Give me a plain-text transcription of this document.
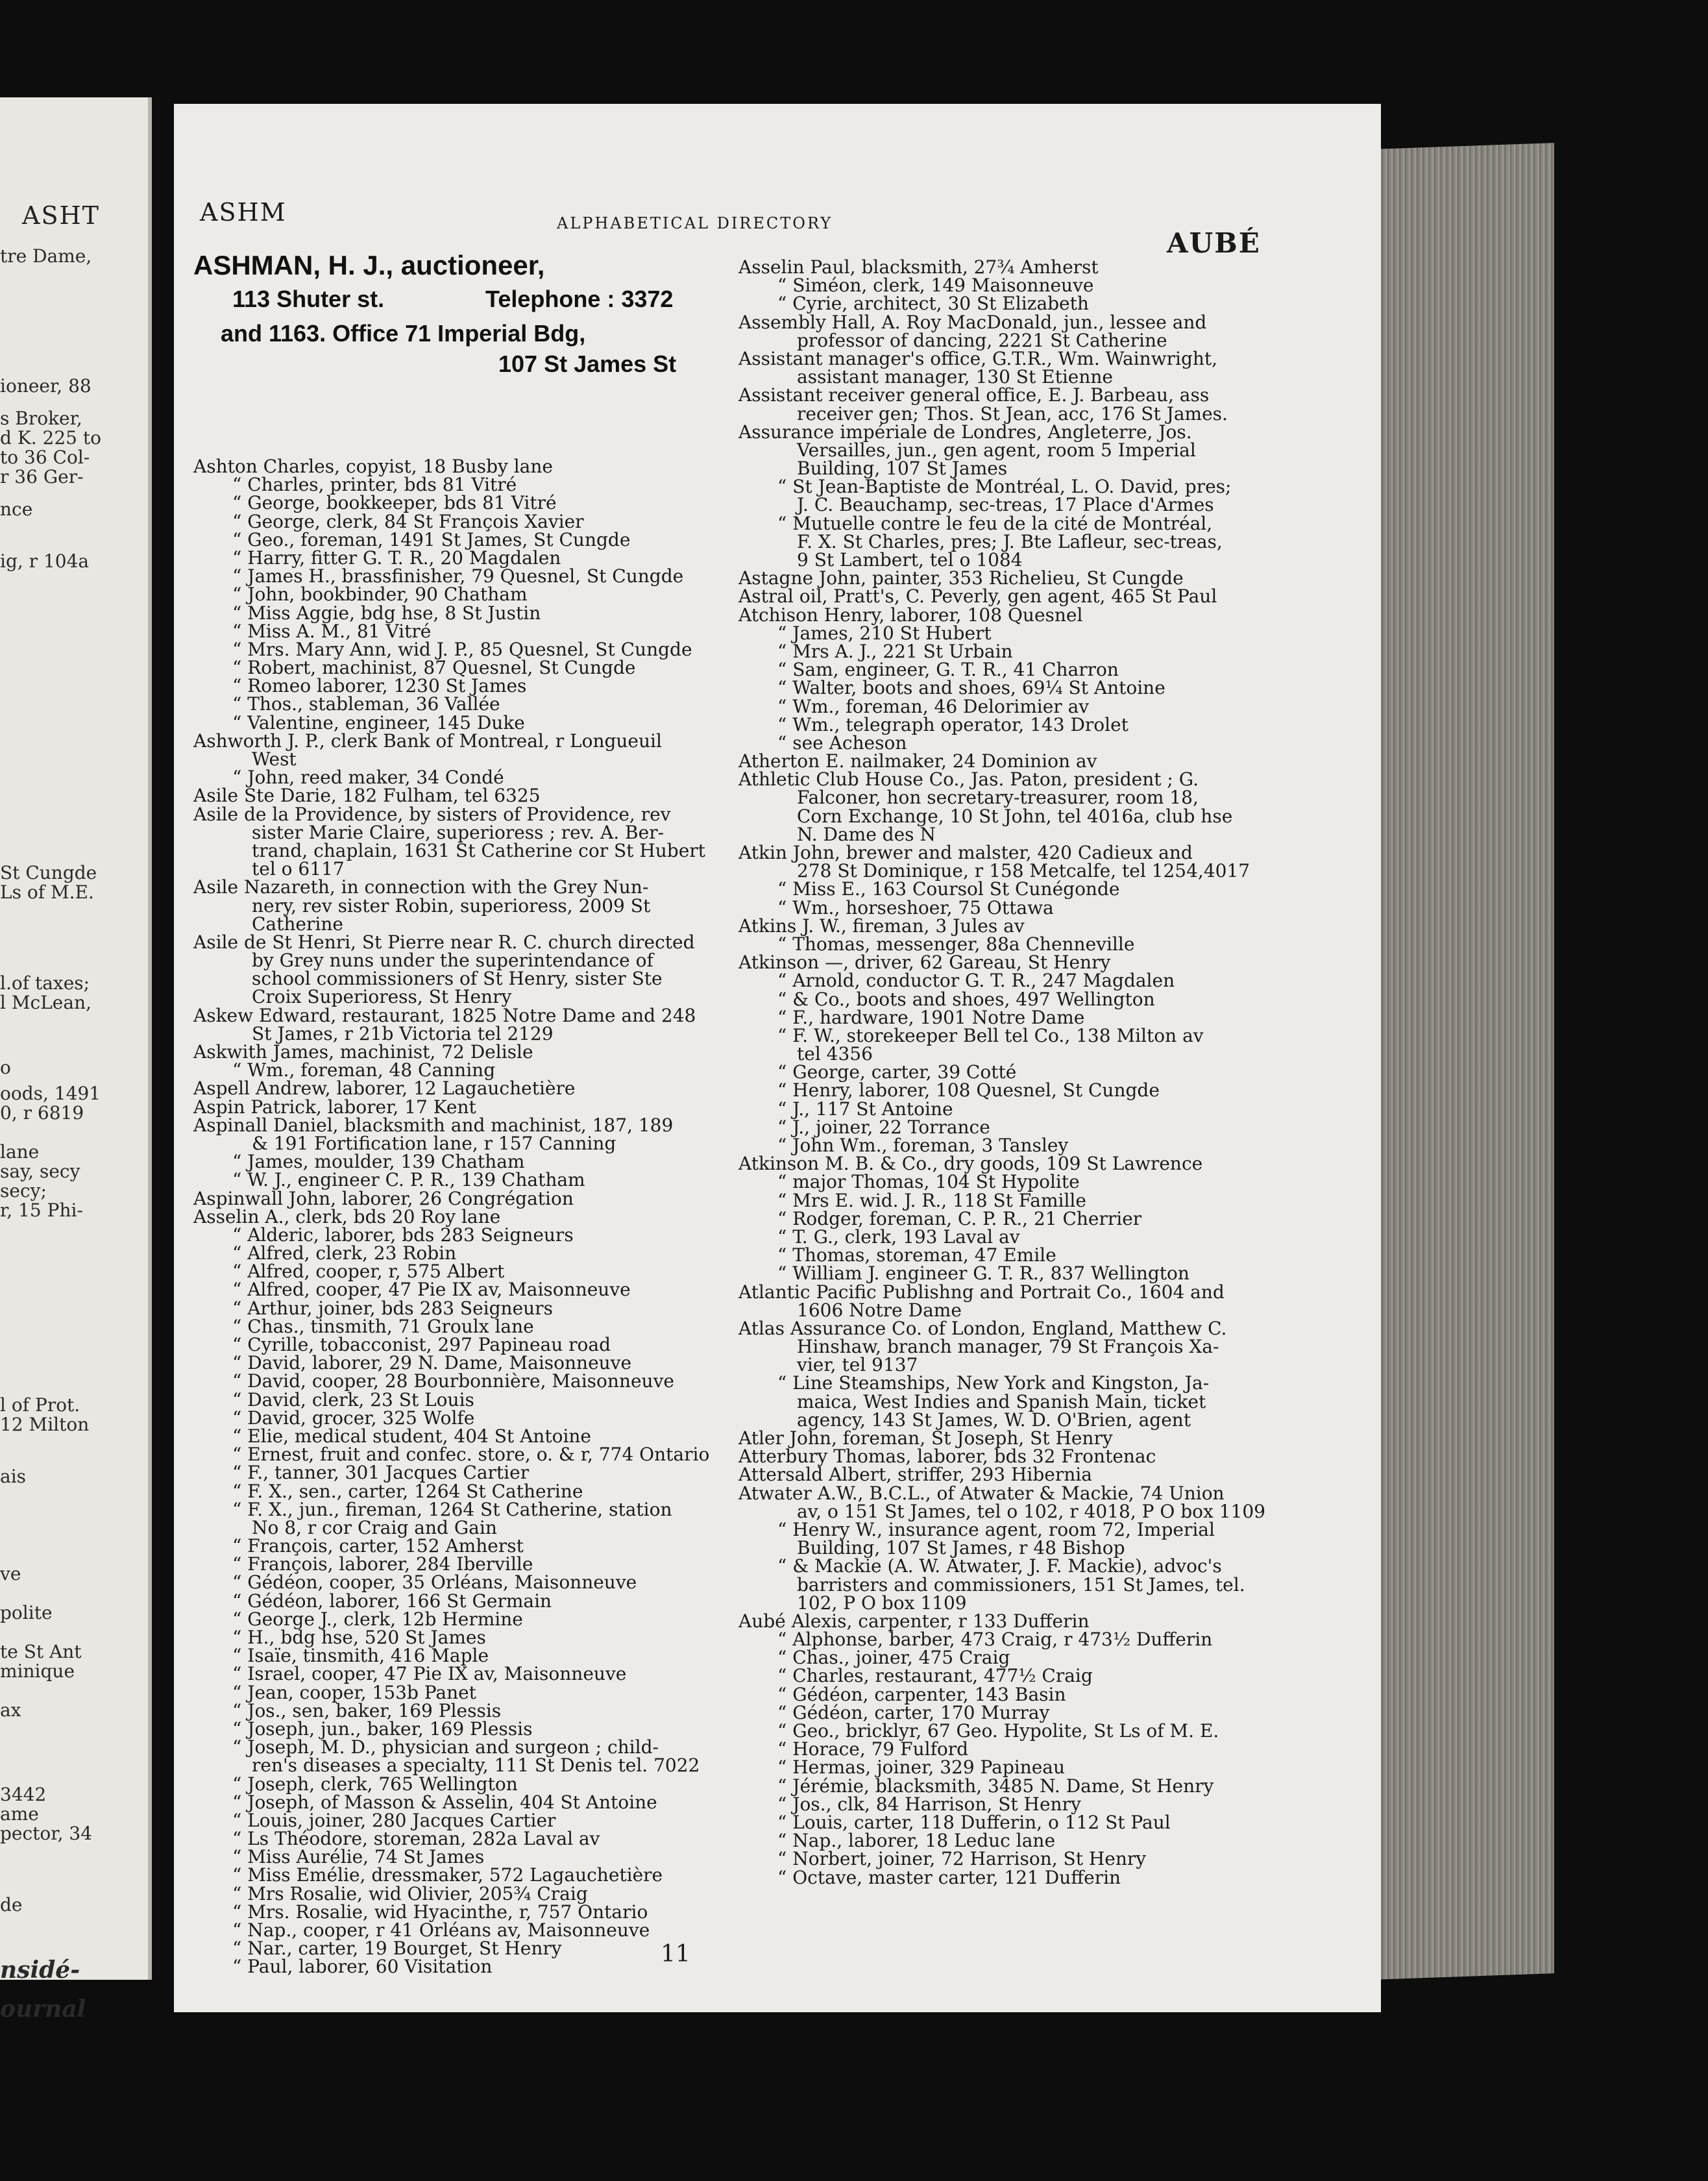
ASHT
tre Dame,
ioneer, 88
s Broker,
d K. 225 to
to 36 Col-
r 36 Ger-
nce
ig, r 104a
St Cungde
Ls of M.E.
l.of taxes;
l McLean,
o
oods, 1491
0, r 6819
lane
say, secy
secy;
r, 15 Phi-
l of Prot.
12 Milton
ais
ve
polite
te St Ant
minique
ax
3442
ame
pector, 34
de
nsidé-
ournal
ASHM	ALPHABETICAL DIRECTORY
AUBÉ
ASHMAN, H. J., auctioneer,
113 Shuter st.	Telephone : 3372
and 1163. Office 71 Imperial Bdg,
107 St James St
Ashton Charles, copyist, 18 Busby lane
“ Charles, printer, bds 81 Vitré
“ George, bookkeeper, bds 81 Vitré
“ George, clerk, 84 St François Xavier
“ Geo., foreman, 1491 St James, St Cungde
“ Harry, fitter G. T. R., 20 Magdalen
“ James H., brassfinisher, 79 Quesnel, St Cungde
“ John, bookbinder, 90 Chatham
“ Miss Aggie, bdg hse, 8 St Justin
“ Miss A. M., 81 Vitré
“ Mrs. Mary Ann, wid J. P., 85 Quesnel, St Cungde
“ Robert, machinist, 87 Quesnel, St Cungde
“ Romeo laborer, 1230 St James
“ Thos., stableman, 36 Vallée
“ Valentine, engineer, 145 Duke
Ashworth J. P., clerk Bank of Montreal, r Longueuil
West
“ John, reed maker, 34 Condé
Asile Ste Darie, 182 Fulham, tel 6325
Asile de la Providence, by sisters of Providence, rev
sister Marie Claire, superioress ; rev. A. Ber-
trand, chaplain, 1631 St Catherine cor St Hubert
tel o 6117
Asile Nazareth, in connection with the Grey Nun-
nery, rev sister Robin, superioress, 2009 St
Catherine
Asile de St Henri, St Pierre near R. C. church directed
by Grey nuns under the superintendance of
school commissioners of St Henry, sister Ste
Croix Superioress, St Henry
Askew Edward, restaurant, 1825 Notre Dame and 248
St James, r 21b Victoria tel 2129
Askwith James, machinist, 72 Delisle
“ Wm., foreman, 48 Canning
Aspell Andrew, laborer, 12 Lagauchetière
Aspin Patrick, laborer, 17 Kent
Aspinall Daniel, blacksmith and machinist, 187, 189
& 191 Fortification lane, r 157 Canning
“ James, moulder, 139 Chatham
“ W. J., engineer C. P. R., 139 Chatham
Aspinwall John, laborer, 26 Congrégation
Asselin A., clerk, bds 20 Roy lane
“ Alderic, laborer, bds 283 Seigneurs
“ Alfred, clerk, 23 Robin
“ Alfred, cooper, r, 575 Albert
“ Alfred, cooper, 47 Pie IX av, Maisonneuve
“ Arthur, joiner, bds 283 Seigneurs
“ Chas., tinsmith, 71 Groulx lane
“ Cyrille, tobacconist, 297 Papineau road
“ David, laborer, 29 N. Dame, Maisonneuve
“ David, cooper, 28 Bourbonnière, Maisonneuve
“ David, clerk, 23 St Louis
“ David, grocer, 325 Wolfe
“ Elie, medical student, 404 St Antoine
“ Ernest, fruit and confec. store, o. & r, 774 Ontario
“ F., tanner, 301 Jacques Cartier
“ F. X., sen., carter, 1264 St Catherine
“ F. X., jun., fireman, 1264 St Catherine, station
No 8, r cor Craig and Gain
“ François, carter, 152 Amherst
“ François, laborer, 284 Iberville
“ Gédéon, cooper, 35 Orléans, Maisonneuve
“ Gédéon, laborer, 166 St Germain
“ George J., clerk, 12b Hermine
“ H., bdg hse, 520 St James
“ Isaïe, tinsmith, 416 Maple
“ Israel, cooper, 47 Pie IX av, Maisonneuve
“ Jean, cooper, 153b Panet
“ Jos., sen, baker, 169 Plessis
“ Joseph, jun., baker, 169 Plessis
“ Joseph, M. D., physician and surgeon ; child-
ren's diseases a specialty, 111 St Denis tel. 7022
“ Joseph, clerk, 765 Wellington
“ Joseph, of Masson & Asselin, 404 St Antoine
“ Louis, joiner, 280 Jacques Cartier
“ Ls Théodore, storeman, 282a Laval av
“ Miss Aurélie, 74 St James
“ Miss Emélie, dressmaker, 572 Lagauchetière
“ Mrs Rosalie, wid Olivier, 205¾ Craig
“ Mrs. Rosalie, wid Hyacinthe, r, 757 Ontario
“ Nap., cooper, r 41 Orléans av, Maisonneuve
“ Nar., carter, 19 Bourget, St Henry
“ Paul, laborer, 60 Visitation
Asselin Paul, blacksmith, 27¾ Amherst
“ Siméon, clerk, 149 Maisonneuve
“ Cyrie, architect, 30 St Elizabeth
Assembly Hall, A. Roy MacDonald, jun., lessee and
professor of dancing, 2221 St Catherine
Assistant manager's office, G.T.R., Wm. Wainwright,
assistant manager, 130 St Etienne
Assistant receiver general office, E. J. Barbeau, ass
receiver gen; Thos. St Jean, acc, 176 St James.
Assurance impériale de Londres, Angleterre, Jos.
Versailles, jun., gen agent, room 5 Imperial
Building, 107 St James
“ St Jean-Baptiste de Montréal, L. O. David, pres;
J. C. Beauchamp, sec-treas, 17 Place d'Armes
“ Mutuelle contre le feu de la cité de Montréal,
F. X. St Charles, pres; J. Bte Lafleur, sec-treas,
9 St Lambert, tel o 1084
Astagne John, painter, 353 Richelieu, St Cungde
Astral oil, Pratt's, C. Peverly, gen agent, 465 St Paul
Atchison Henry, laborer, 108 Quesnel
“ James, 210 St Hubert
“ Mrs A. J., 221 St Urbain
“ Sam, engineer, G. T. R., 41 Charron
“ Walter, boots and shoes, 69¼ St Antoine
“ Wm., foreman, 46 Delorimier av
“ Wm., telegraph operator, 143 Drolet
“ see Acheson
Atherton E. nailmaker, 24 Dominion av
Athletic Club House Co., Jas. Paton, president ; G.
Falconer, hon secretary-treasurer, room 18,
Corn Exchange, 10 St John, tel 4016a, club hse
N. Dame des N
Atkin John, brewer and malster, 420 Cadieux and
278 St Dominique, r 158 Metcalfe, tel 1254,4017
“ Miss E., 163 Coursol St Cunégonde
“ Wm., horseshoer, 75 Ottawa
Atkins J. W., fireman, 3 Jules av
“ Thomas, messenger, 88a Chenneville
Atkinson —, driver, 62 Gareau, St Henry
“ Arnold, conductor G. T. R., 247 Magdalen
“ & Co., boots and shoes, 497 Wellington
“ F., hardware, 1901 Notre Dame
“ F. W., storekeeper Bell tel Co., 138 Milton av
tel 4356
“ George, carter, 39 Cotté
“ Henry, laborer, 108 Quesnel, St Cungde
“ J., 117 St Antoine
“ J., joiner, 22 Torrance
“ John Wm., foreman, 3 Tansley
Atkinson M. B. & Co., dry goods, 109 St Lawrence
“ major Thomas, 104 St Hypolite
“ Mrs E. wid. J. R., 118 St Famille
“ Rodger, foreman, C. P. R., 21 Cherrier
“ T. G., clerk, 193 Laval av
“ Thomas, storeman, 47 Emile
“ William J. engineer G. T. R., 837 Wellington
Atlantic Pacific Publishng and Portrait Co., 1604 and
1606 Notre Dame
Atlas Assurance Co. of London, England, Matthew C.
Hinshaw, branch manager, 79 St François Xa-
vier, tel 9137
“ Line Steamships, New York and Kingston, Ja-
maica, West Indies and Spanish Main, ticket
agency, 143 St James, W. D. O'Brien, agent
Atler John, foreman, St Joseph, St Henry
Atterbury Thomas, laborer, bds 32 Frontenac
Attersald Albert, striffer, 293 Hibernia
Atwater A.W., B.C.L., of Atwater & Mackie, 74 Union
av, o 151 St James, tel o 102, r 4018, P O box 1109
“ Henry W., insurance agent, room 72, Imperial
Building, 107 St James, r 48 Bishop
“ & Mackie (A. W. Atwater, J. F. Mackie), advoc's
barristers and commissioners, 151 St James, tel.
102, P O box 1109
Aubé Alexis, carpenter, r 133 Dufferin
“ Alphonse, barber, 473 Craig, r 473½ Dufferin
“ Chas., joiner, 475 Craig
“ Charles, restaurant, 477½ Craig
“ Gédéon, carpenter, 143 Basin
“ Gédéon, carter, 170 Murray
“ Geo., bricklyr, 67 Geo. Hypolite, St Ls of M. E.
“ Horace, 79 Fulford
“ Hermas, joiner, 329 Papineau
“ Jérémie, blacksmith, 3485 N. Dame, St Henry
“ Jos., clk, 84 Harrison, St Henry
“ Louis, carter, 118 Dufferin, o 112 St Paul
“ Nap., laborer, 18 Leduc lane
“ Norbert, joiner, 72 Harrison, St Henry
“ Octave, master carter, 121 Dufferin
11
